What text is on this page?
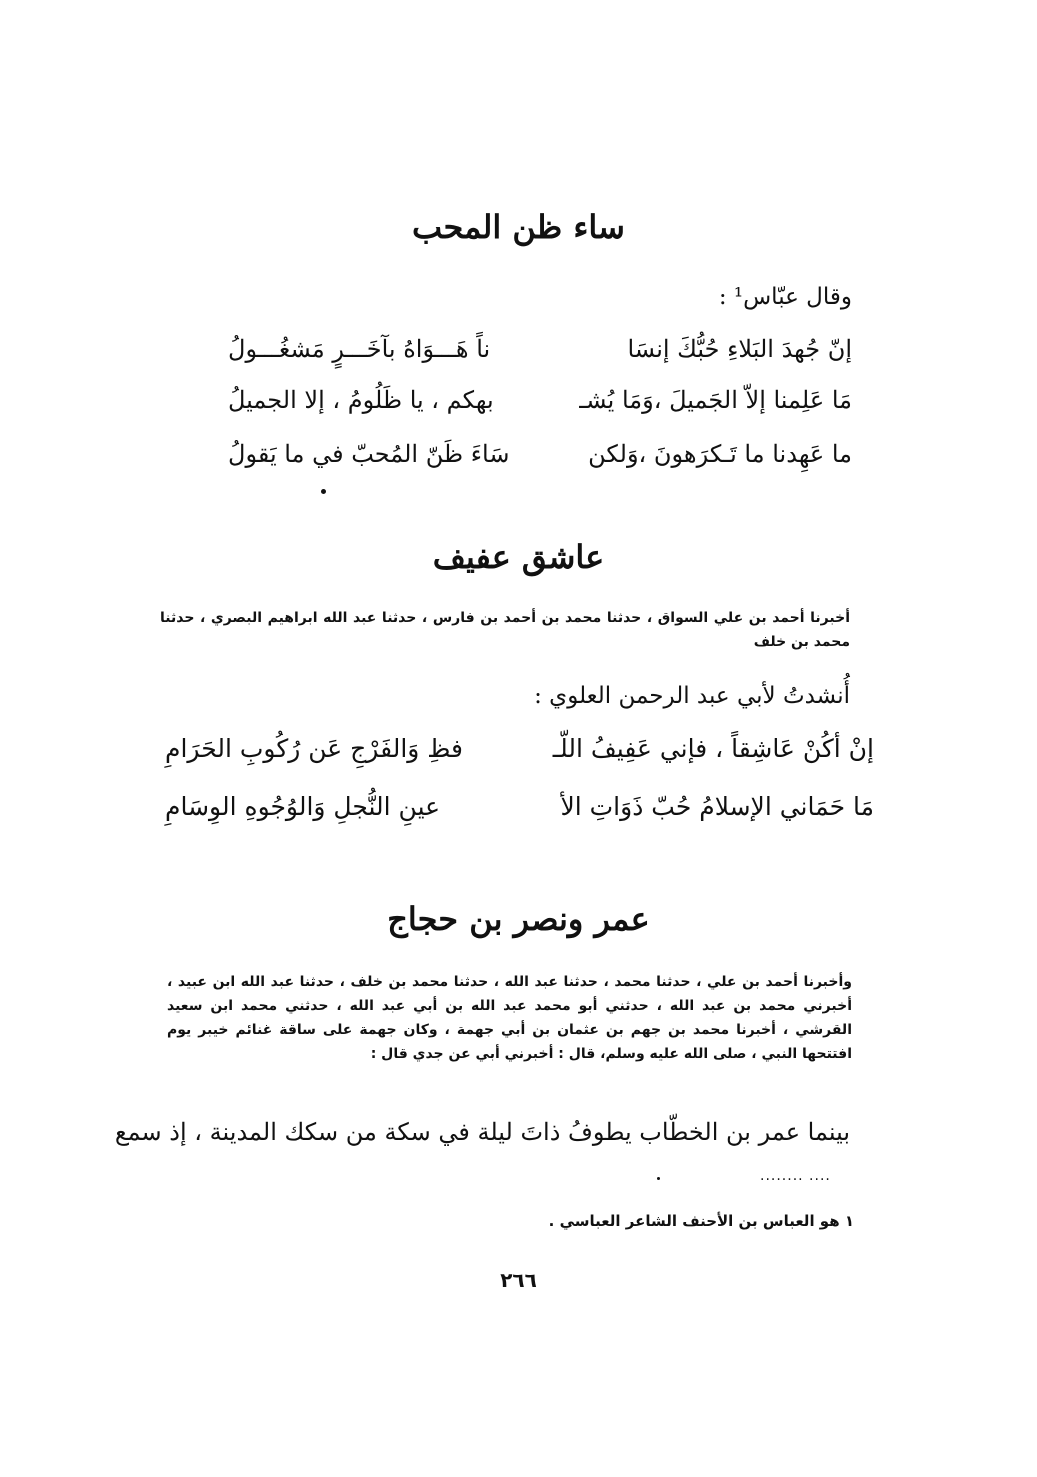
ساء ظن المحب
وقال عبّاس¹ :
إنّ جُهدَ البَلاءِ حُبُّكَ إنسَا
ناً هَـــوَاهُ بآخَـــرٍ مَشغُـــولُ
مَا عَلِمنا إلاّ الجَميلَ ،وَمَا يُشـ
بهكم ، يا ظَلُومُ ، إلا الجميلُ
ما عَهِدنا ما تَـكرَهونَ ،وَلكن
سَاءَ ظَنّ المُحبّ في ما يَقولُ
عاشق عفيف
أخبرنا أحمد بن علي السواق ، حدثنا محمد بن أحمد بن فارس ، حدثنا عبد الله ابراهيم البصري ، حدثنا محمد بن خلف
أُنشدتُ لأبي عبد الرحمن العلوي :
إنْ أكُنْ عَاشِقاً ، فإني عَفِيفُ اللّـ
فظِ وَالفَرْجِ عَن رُكُوبِ الحَرَامِ
مَا حَمَاني الإسلامُ حُبّ ذَوَاتِ الأ
عينِ النُّجلِ وَالوُجُوهِ الوِسَامِ
عمر ونصر بن حجاج
وأخبرنا أحمد بن علي ، حدثنا محمد ، حدثنا عبد الله ، حدثنا محمد بن خلف ، حدثنا عبد الله ابن عبيد ، أخبرني محمد بن عبد الله ، حدثني أبو محمد عبد الله بن أبي عبد الله ، حدثني محمد ابن سعيد القرشي ، أخبرنا محمد بن جهم بن عثمان بن أبي جهمة ، وكان جهمة على ساقة غنائم خيبر يوم افتتحها النبي ، صلى الله عليه وسلم، قال : أخبرني أبي عن جدي قال :
بينما عمر بن الخطّاب يطوفُ ذاتَ ليلة في سكة من سكك المدينة ، إذ سمع
........ ....
١ هو العباس بن الأحنف الشاعر العباسي .
٢٦٦
